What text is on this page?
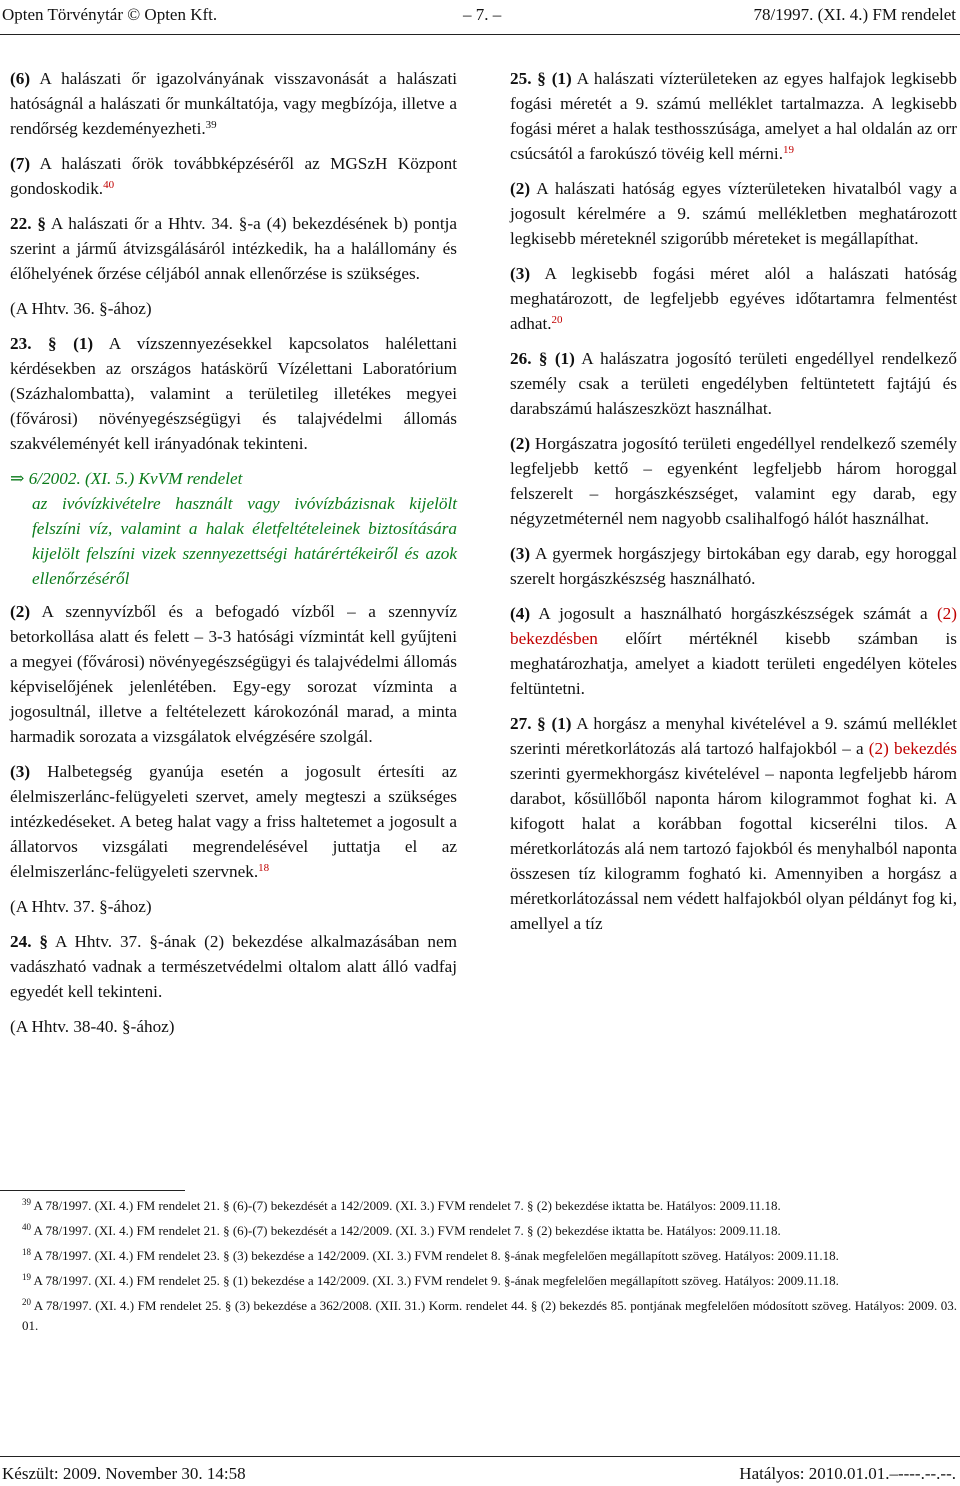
Opten Törvénytár © Opten Kft.	– 7. –	78/1997. (XI. 4.) FM rendelet

(6) A halászati őr igazolványának visszavonását a halászati hatóságnál a halászati őr munkáltatója, vagy megbízója, illetve a rendőrség kezdeményezheti.$^{39}$

(7) A halászati őrök továbbképzéséről az MGSzH Központ gondoskodik.$^{40}$

22. § A halászati őr a Hhtv. 34. §-a (4) bekezdésének b) pontja szerint a jármű átvizsgálásáról intézkedik, ha a halállomány és élőhelyének őrzése céljából annak ellenőrzése is szükséges.

(A Hhtv. 36. §-ához)

23. § (1) A vízszennyezésekkel kapcsolatos halélettani kérdésekben az országos hatáskörű Vízélettani Laboratórium (Százhalombatta), valamint a területileg illetékes megyei (fővárosi) növényegészségügyi és talajvédelmi állomás szakvéleményét kell irányadónak tekinteni.

⇒ 6/2002. (XI. 5.) KvVM rendelet

az ivóvízkivételre használt vagy ivóvízbázisnak kijelölt felszíni víz, valamint a halak életfeltételeinek biztosítására kijelölt felszíni vizek szennyezettségi határértékeiről és azok ellenőrzéséről

(2) A szennyvízből és a befogadó vízből – a szennyvíz betorkollása alatt és felett – 3-3 hatósági vízmintát kell gyűjteni a megyei (fővárosi) növényegészségügyi és talajvédelmi állomás képviselőjének jelenlétében. Egy-egy sorozat vízminta a jogosultnál, illetve a feltételezett károkozónál marad, a minta harmadik sorozata a vizsgálatok elvégzésére szolgál.

(3) Halbetegség gyanúja esetén a jogosult értesíti az élelmiszerlánc-felügyeleti szervet, amely megteszi a szükséges intézkedéseket. A beteg halat vagy a friss haltetemet a jogosult a állatorvos vizsgálati megrendelésével juttatja el az élelmiszerlánc-felügyeleti szervnek.$^{18}$

(A Hhtv. 37. §-ához)

24. § A Hhtv. 37. §-ának (2) bekezdése alkalmazásában nem vadászható vadnak a természetvédelmi oltalom alatt álló vadfaj egyedét kell tekinteni.

(A Hhtv. 38-40. §-ához)

25. § (1) A halászati vízterületeken az egyes halfajok legkisebb fogási méretét a 9. számú melléklet tartalmazza. A legkisebb fogási méret a halak testhosszúsága, amelyet a hal oldalán az orr csúcsától a farokúszó tövéig kell mérni.$^{19}$

(2) A halászati hatóság egyes vízterületeken hivatalból vagy a jogosult kérelmére a 9. számú mellékletben meghatározott legkisebb méreteknél szigorúbb méreteket is megállapíthat.

(3) A legkisebb fogási méret alól a halászati hatóság meghatározott, de legfeljebb egyéves időtartamra felmentést adhat.$^{20}$

26. § (1) A halászatra jogosító területi engedéllyel rendelkező személy csak a területi engedélyben feltüntetett fajtájú és darabszámú halászeszközt használhat.

(2) Horgászatra jogosító területi engedéllyel rendelkező személy legfeljebb kettő – egyenként legfeljebb három horoggal felszerelt – horgászkészséget, valamint egy darab, egy négyzetméternél nem nagyobb csalihalfogó hálót használhat.

(3) A gyermek horgászjegy birtokában egy darab, egy horoggal szerelt horgászkészség használható.

(4) A jogosult a használható horgászkészségek számát a (2) bekezdésben előírt mértéknél kisebb számban is meghatározhatja, amelyet a kiadott területi engedélyen köteles feltüntetni.

27. § (1) A horgász a menyhal kivételével a 9. számú melléklet szerinti méretkorlátozás alá tartozó halfajokból – a (2) bekezdés szerinti gyermekhorgász kivételével – naponta legfeljebb három darabot, kősüllőből naponta három kilogrammot foghat ki. A kifogott halat a korábban fogottal kicserélni tilos. A méretkorlátozás alá nem tartozó fajokból és menyhalból naponta összesen tíz kilogramm fogható ki. Amennyiben a horgász a méretkorlátozással nem védett halfajokból olyan példányt fog ki, amellyel a tíz

$^{39}$ A 78/1997. (XI. 4.) FM rendelet 21. § (6)-(7) bekezdését a 142/2009. (XI. 3.) FVM rendelet 7. § (2) bekezdése iktatta be. Hatályos: 2009.11.18.
$^{40}$ A 78/1997. (XI. 4.) FM rendelet 21. § (6)-(7) bekezdését a 142/2009. (XI. 3.) FVM rendelet 7. § (2) bekezdése iktatta be. Hatályos: 2009.11.18.
$^{18}$ A 78/1997. (XI. 4.) FM rendelet 23. § (3) bekezdése a 142/2009. (XI. 3.) FVM rendelet 8. §-ának megfelelően megállapított szöveg. Hatályos: 2009.11.18.
$^{19}$ A 78/1997. (XI. 4.) FM rendelet 25. § (1) bekezdése a 142/2009. (XI. 3.) FVM rendelet 9. §-ának megfelelően megállapított szöveg. Hatályos: 2009.11.18.
$^{20}$ A 78/1997. (XI. 4.) FM rendelet 25. § (3) bekezdése a 362/2008. (XII. 31.) Korm. rendelet 44. § (2) bekezdés 85. pontjának megfelelően módosított szöveg. Hatályos: 2009. 03. 01.
Készült: 2009. November 30. 14:58	Hatályos: 2010.01.01.–----.--.--.
